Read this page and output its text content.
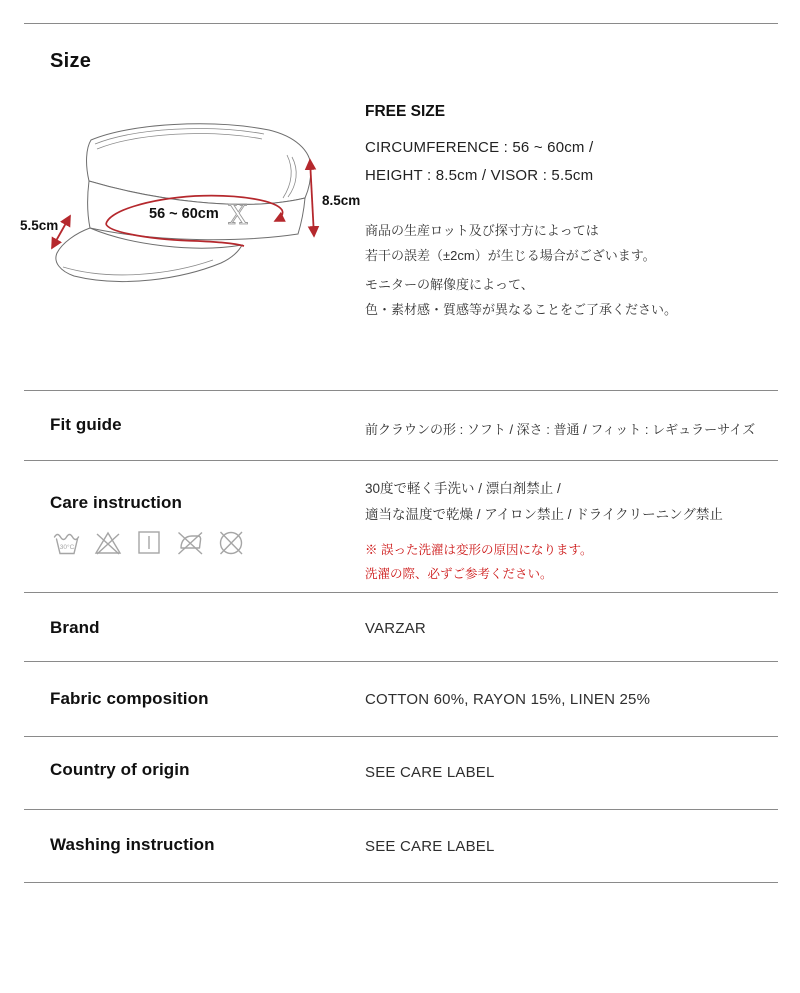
Size
X
5.5cm
56 ~ 60cm
8.5cm
FREE SIZE
CIRCUMFERENCE : 56 ~ 60cm /
HEIGHT : 8.5cm / VISOR : 5.5cm
商品の生産ロット及び探寸方によっては
若干の誤差（±2cm）が生じる場合がございます。
モニターの解像度によって、
色・素材感・質感等が異なることをご了承ください。
Fit guide	前クラウンの形 : ソフト / 深さ : 普通 / フィット : レギュラーサイズ
Care instruction
30°C
30度で軽く手洗い / 漂白剤禁止 /
適当な温度で乾燥 / アイロン禁止 / ドライクリーニング禁止
※ 誤った洗濯は変形の原因になります。
洗濯の際、必ずご参考ください。
Brand	VARZAR
Fabric composition	COTTON 60%, RAYON 15%, LINEN 25%
Country of origin	SEE CARE LABEL
Washing instruction	SEE CARE LABEL
